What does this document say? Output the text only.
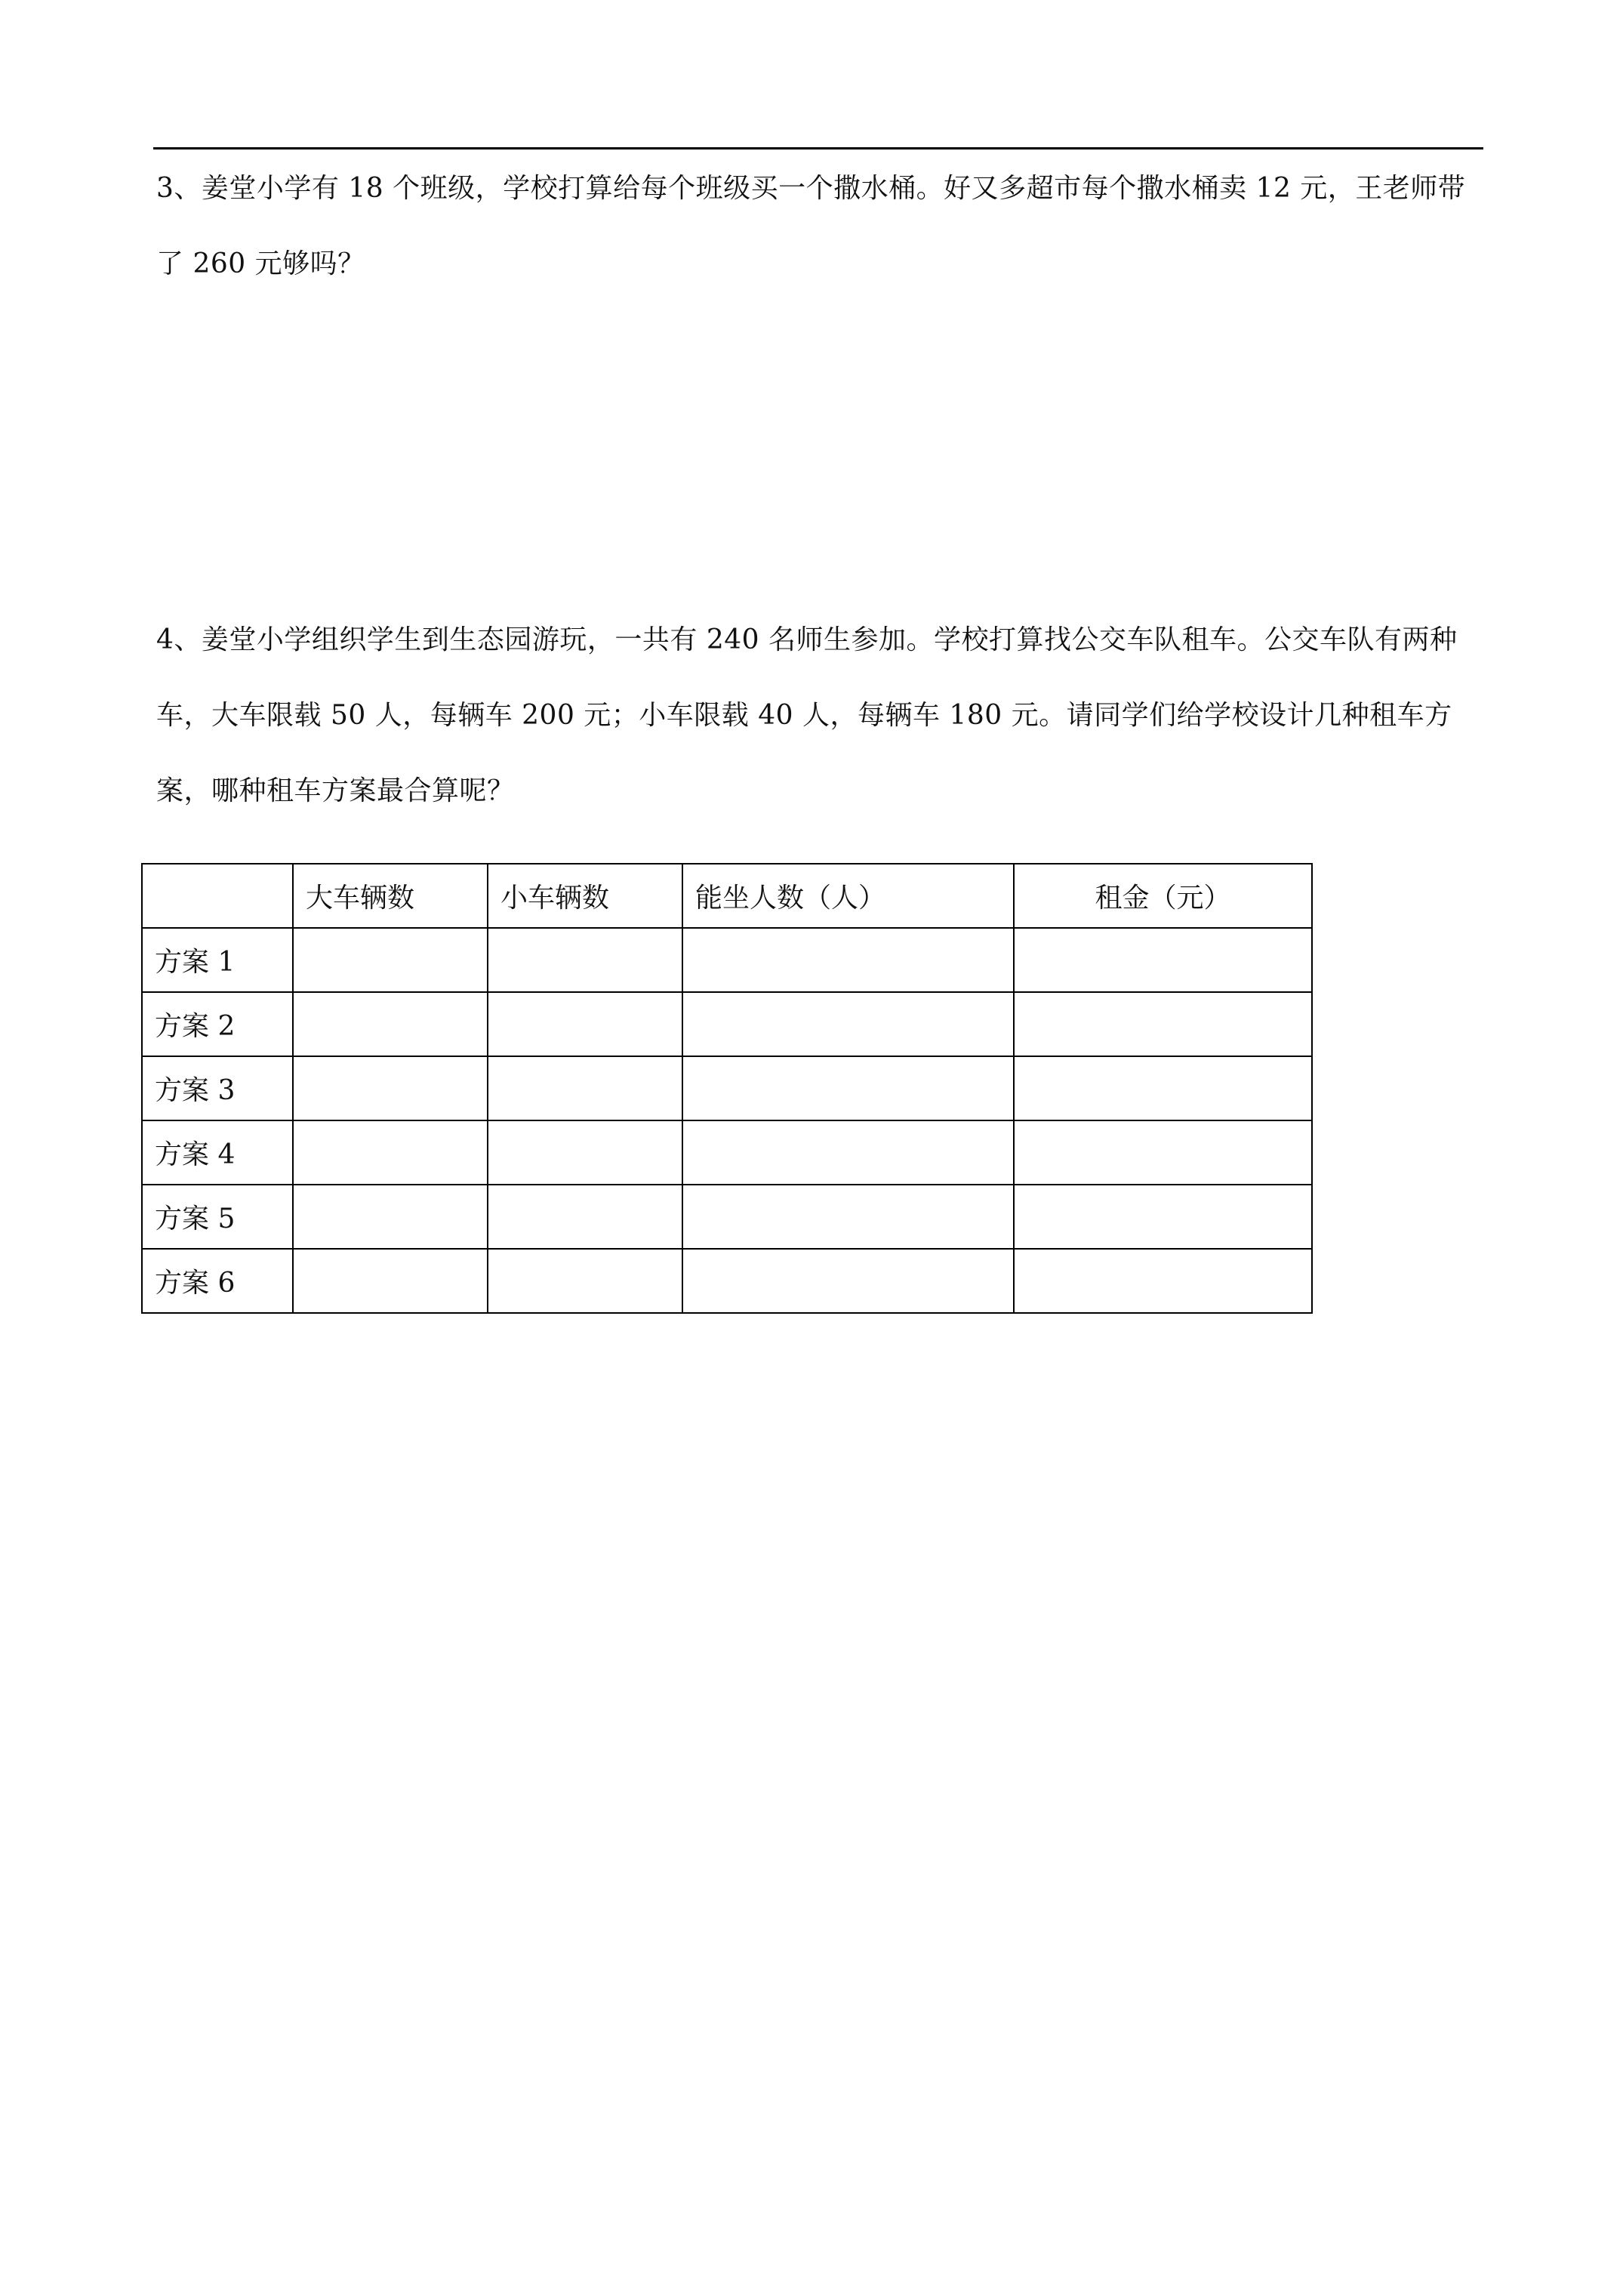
3、姜堂小学有 18 个班级，学校打算给每个班级买一个撒水桶。好又多超市每个撒水桶卖 12 元，王老师带了 260 元够吗？

4、姜堂小学组织学生到生态园游玩，一共有 240 名师生参加。学校打算找公交车队租车。公交车队有两种车，大车限载 50 人，每辆车 200 元；小车限载 40 人，每辆车 180 元。请同学们给学校设计几种租车方案，哪种租车方案最合算呢？

	大车辆数	小车辆数	能坐人数（人）	租金（元）
方案 1				
方案 2				
方案 3				
方案 4				
方案 5				
方案 6				
